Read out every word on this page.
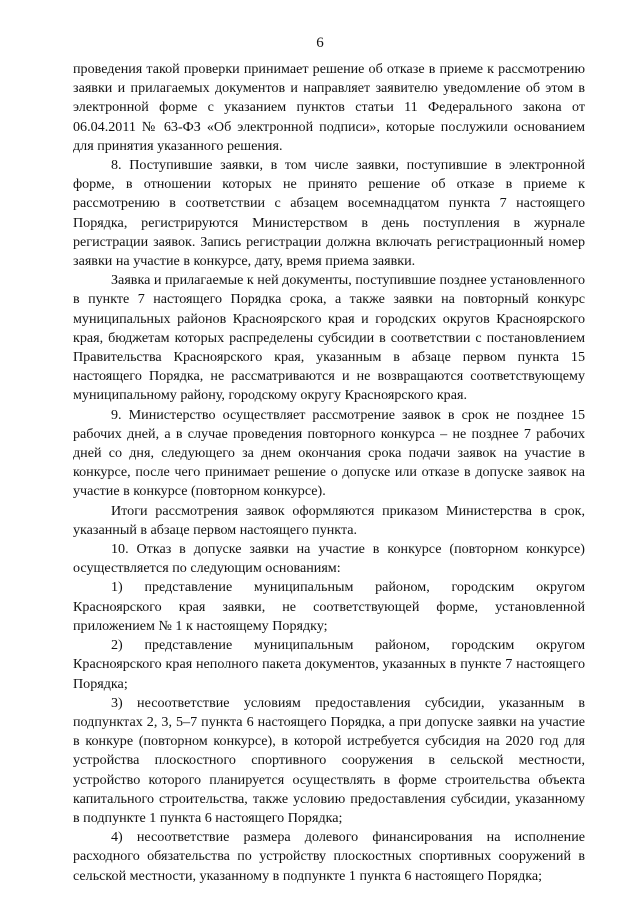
6

проведения такой проверки принимает решение об отказе в приеме к рассмотрению заявки и прилагаемых документов и направляет заявителю уведомление об этом в электронной форме с указанием пунктов статьи 11 Федерального закона от 06.04.2011 № 63-ФЗ «Об электронной подписи», которые послужили основанием для принятия указанного решения.

8. Поступившие заявки, в том числе заявки, поступившие в электронной форме, в отношении которых не принято решение об отказе в приеме к рассмотрению в соответствии с абзацем восемнадцатом пункта 7 настоящего Порядка, регистрируются Министерством в день поступления в журнале регистрации заявок. Запись регистрации должна включать регистрационный номер заявки на участие в конкурсе, дату, время приема заявки.

Заявка и прилагаемые к ней документы, поступившие позднее установленного в пункте 7 настоящего Порядка срока, а также заявки на повторный конкурс муниципальных районов Красноярского края и городских округов Красноярского края, бюджетам которых распределены субсидии в соответствии с постановлением Правительства Красноярского края, указанным в абзаце первом пункта 15 настоящего Порядка, не рассматриваются и не возвращаются соответствующему муниципальному району, городскому округу Красноярского края.

9. Министерство осуществляет рассмотрение заявок в срок не позднее 15 рабочих дней, а в случае проведения повторного конкурса – не позднее 7 рабочих дней со дня, следующего за днем окончания срока подачи заявок на участие в конкурсе, после чего принимает решение о допуске или отказе в допуске заявок на участие в конкурсе (повторном конкурсе).

Итоги рассмотрения заявок оформляются приказом Министерства в срок, указанный в абзаце первом настоящего пункта.

10. Отказ в допуске заявки на участие в конкурсе (повторном конкурсе) осуществляется по следующим основаниям:

1) представление муниципальным районом, городским округом Красноярского края заявки, не соответствующей форме, установленной приложением № 1 к настоящему Порядку;

2) представление муниципальным районом, городским округом Красноярского края неполного пакета документов, указанных в пункте 7 настоящего Порядка;

3) несоответствие условиям предоставления субсидии, указанным в подпунктах 2, 3, 5–7 пункта 6 настоящего Порядка, а при допуске заявки на участие в конкуре (повторном конкурсе), в которой истребуется субсидия на 2020 год для устройства плоскостного спортивного сооружения в сельской местности, устройство которого планируется осуществлять в форме строительства объекта капитального строительства, также условию предоставления субсидии, указанному в подпункте 1 пункта 6 настоящего Порядка;

4) несоответствие размера долевого финансирования на исполнение расходного обязательства по устройству плоскостных спортивных сооружений в сельской местности, указанному в подпункте 1 пункта 6 настоящего Порядка;
